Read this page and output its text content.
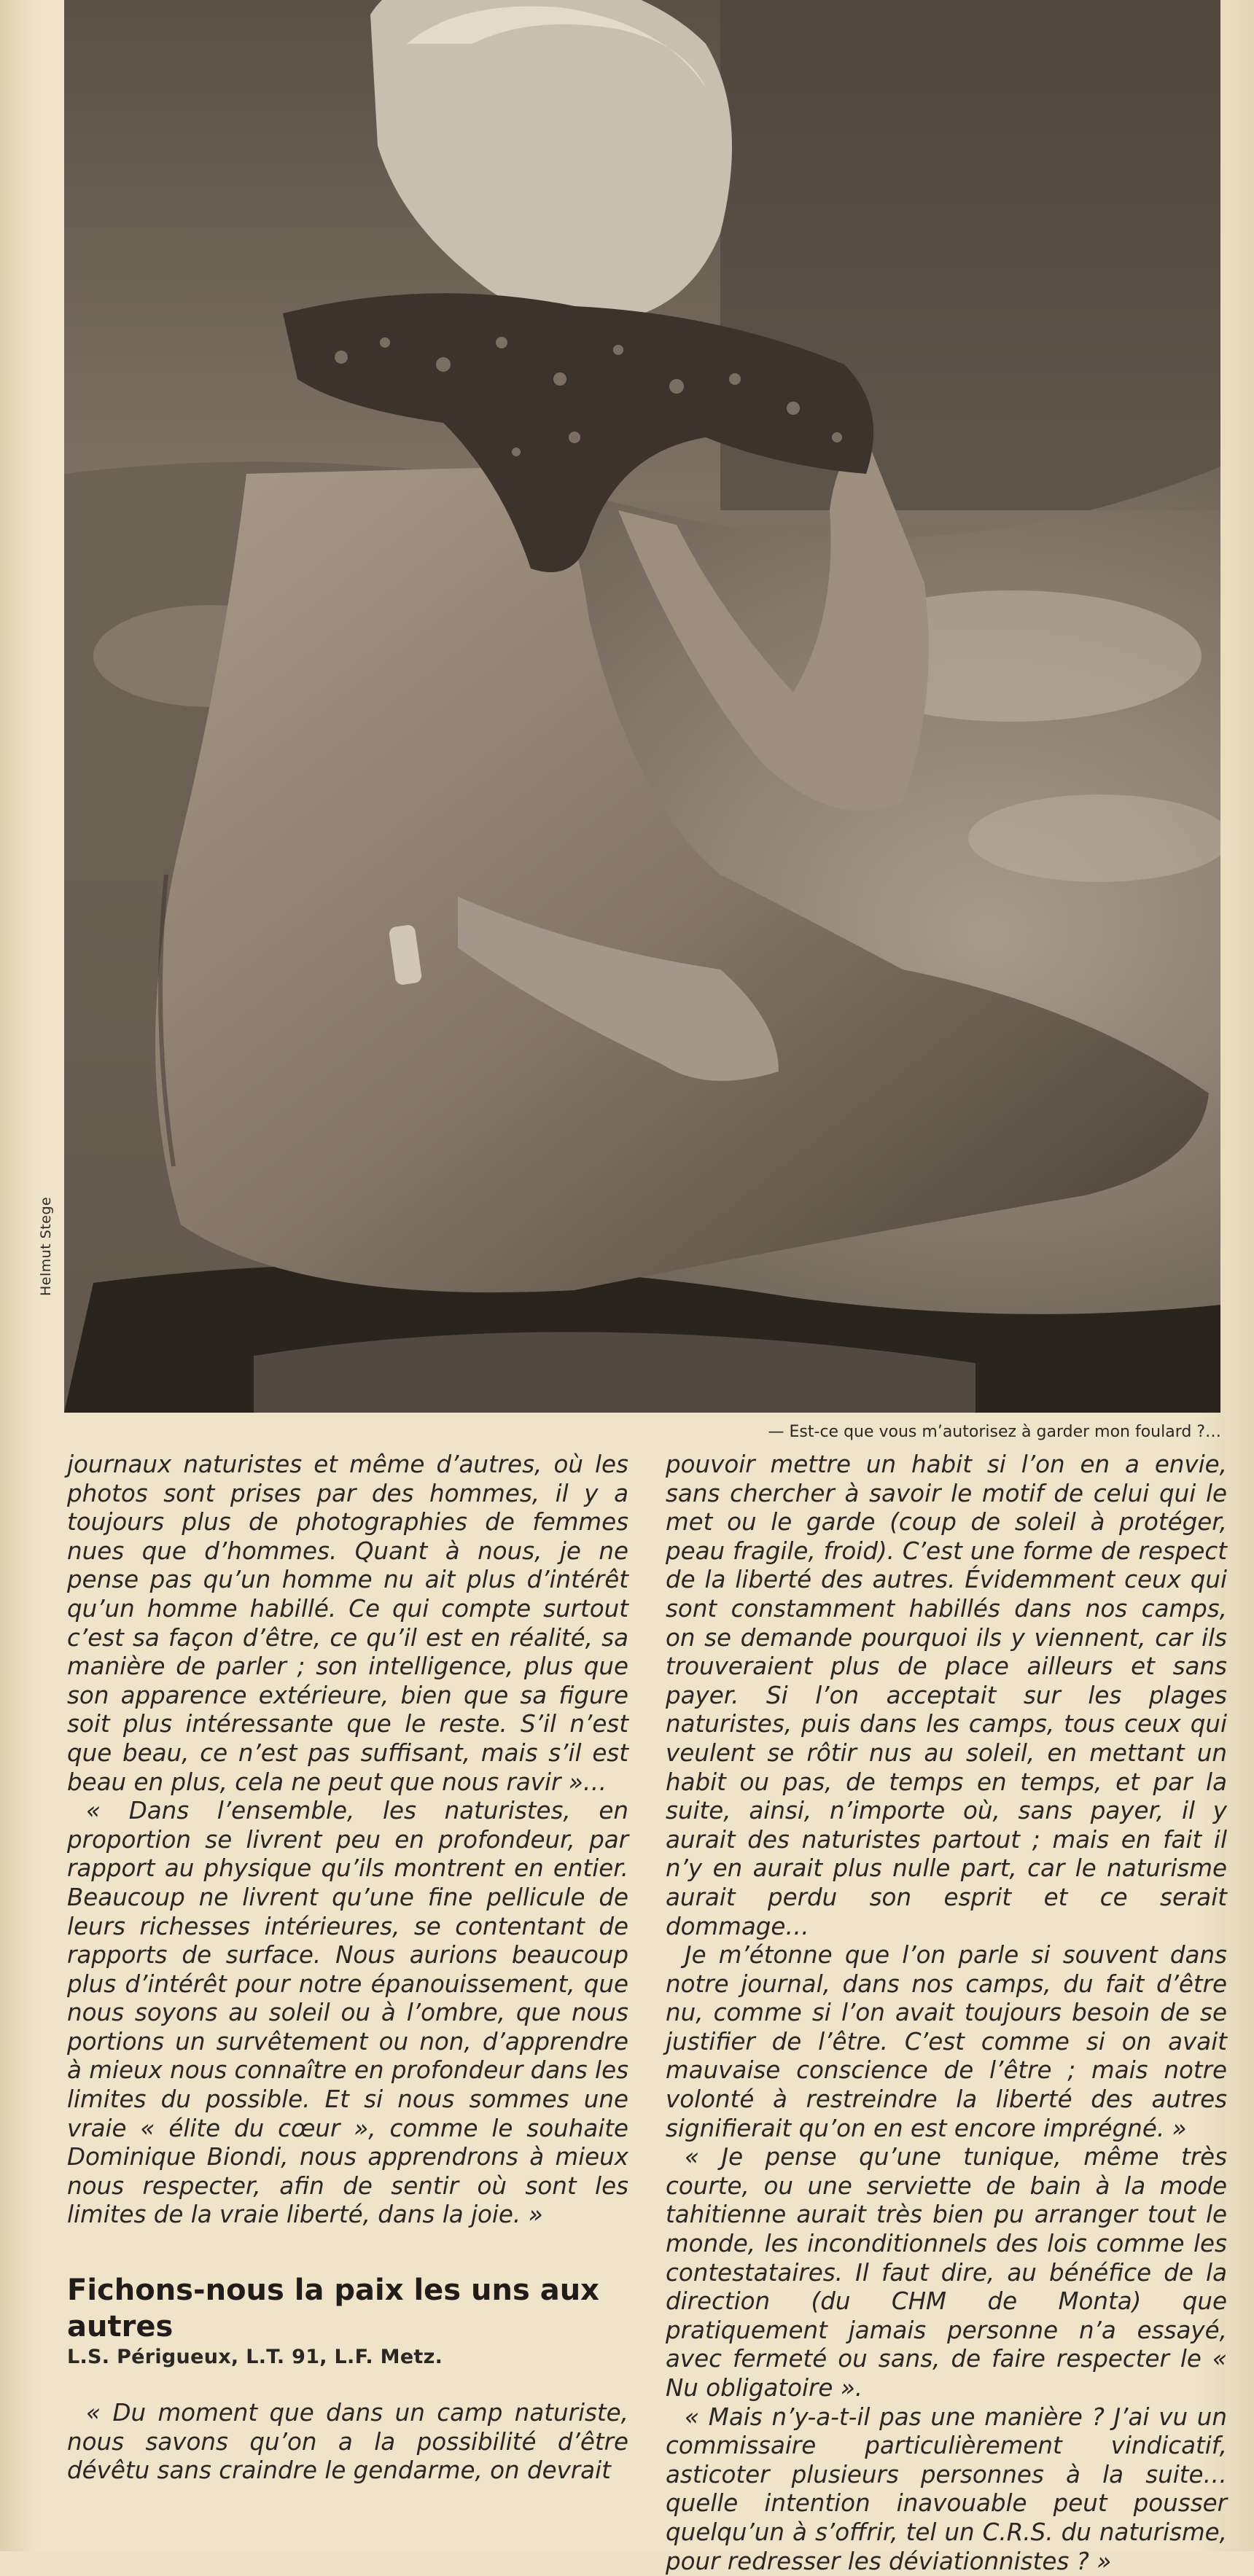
Helmut Stege
— Est-ce que vous m’autorisez à garder mon foulard ?…

journaux naturistes et même d’autres, où les photos sont prises par des hommes, il y a toujours plus de photographies de femmes nues que d’hommes. Quant à nous, je ne pense pas qu’un homme nu ait plus d’intérêt qu’un homme habillé. Ce qui compte surtout c’est sa façon d’être, ce qu’il est en réalité, sa manière de parler ; son intelligence, plus que son apparence extérieure, bien que sa figure soit plus intéressante que le reste. S’il n’est que beau, ce n’est pas suffisant, mais s’il est beau en plus, cela ne peut que nous ravir »…

« Dans l’ensemble, les naturistes, en proportion se livrent peu en profondeur, par rapport au physique qu’ils montrent en entier. Beaucoup ne livrent qu’une fine pellicule de leurs richesses intérieures, se contentant de rapports de surface. Nous aurions beaucoup plus d’intérêt pour notre épanouissement, que nous soyons au soleil ou à l’ombre, que nous portions un survêtement ou non, d’apprendre à mieux nous connaître en profondeur dans les limites du possible. Et si nous sommes une vraie « élite du cœur », comme le souhaite Dominique Biondi, nous apprendrons à mieux nous respecter, afin de sentir où sont les limites de la vraie liberté, dans la joie. »

Fichons-nous la paix les uns aux autres

L.S. Périgueux, L.T. 91, L.F. Metz.

« Du moment que dans un camp naturiste, nous savons qu’on a la possibilité d’être dévêtu sans craindre le gendarme, on devrait

pouvoir mettre un habit si l’on en a envie, sans chercher à savoir le motif de celui qui le met ou le garde (coup de soleil à protéger, peau fragile, froid). C’est une forme de respect de la liberté des autres. Évidemment ceux qui sont constamment habillés dans nos camps, on se demande pourquoi ils y viennent, car ils trouveraient plus de place ailleurs et sans payer. Si l’on acceptait sur les plages naturistes, puis dans les camps, tous ceux qui veulent se rôtir nus au soleil, en mettant un habit ou pas, de temps en temps, et par la suite, ainsi, n’importe où, sans payer, il y aurait des naturistes partout ; mais en fait il n’y en aurait plus nulle part, car le naturisme aurait perdu son esprit et ce serait dommage…

Je m’étonne que l’on parle si souvent dans notre journal, dans nos camps, du fait d’être nu, comme si l’on avait toujours besoin de se justifier de l’être. C’est comme si on avait mauvaise conscience de l’être ; mais notre volonté à restreindre la liberté des autres signifierait qu’on en est encore imprégné. »

« Je pense qu’une tunique, même très courte, ou une serviette de bain à la mode tahitienne aurait très bien pu arranger tout le monde, les inconditionnels des lois comme les contestataires. Il faut dire, au bénéfice de la direction (du CHM de Monta) que pratiquement jamais personne n’a essayé, avec fermeté ou sans, de faire respecter le « Nu obligatoire ».

« Mais n’y-a-t-il pas une manière ? J’ai vu un commissaire particulièrement vindicatif, asticoter plusieurs personnes à la suite… quelle intention inavouable peut pousser quelqu’un à s’offrir, tel un C.R.S. du naturisme, pour redresser les déviationnistes ? »
